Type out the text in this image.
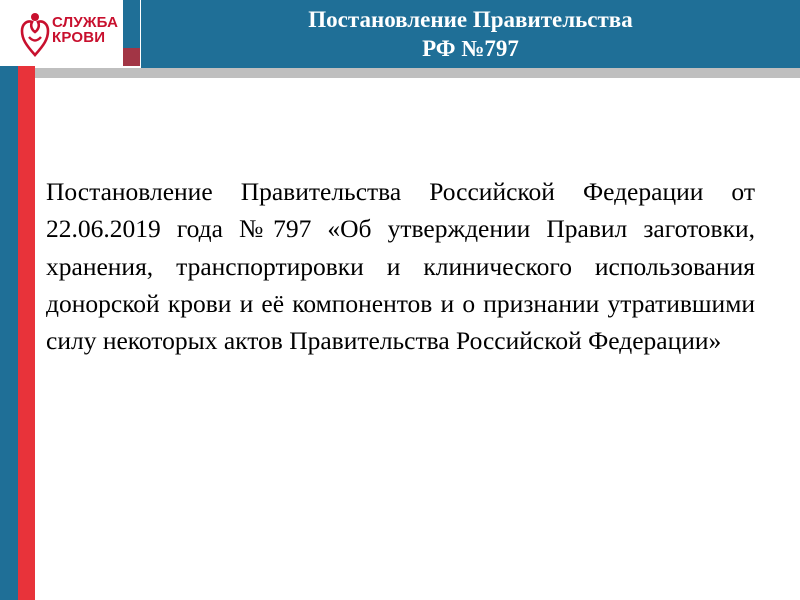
СЛУЖБА
КРОВИ
Постановление Правительства
РФ №797

Постановление Правительства Российской Федерации от 22.06.2019 года №797 «Об утверждении Правил заготовки, хранения, транспортировки и клинического использования донорской крови и её компонентов и о признании утратившими силу некоторых актов Правительства Российской Федерации»
